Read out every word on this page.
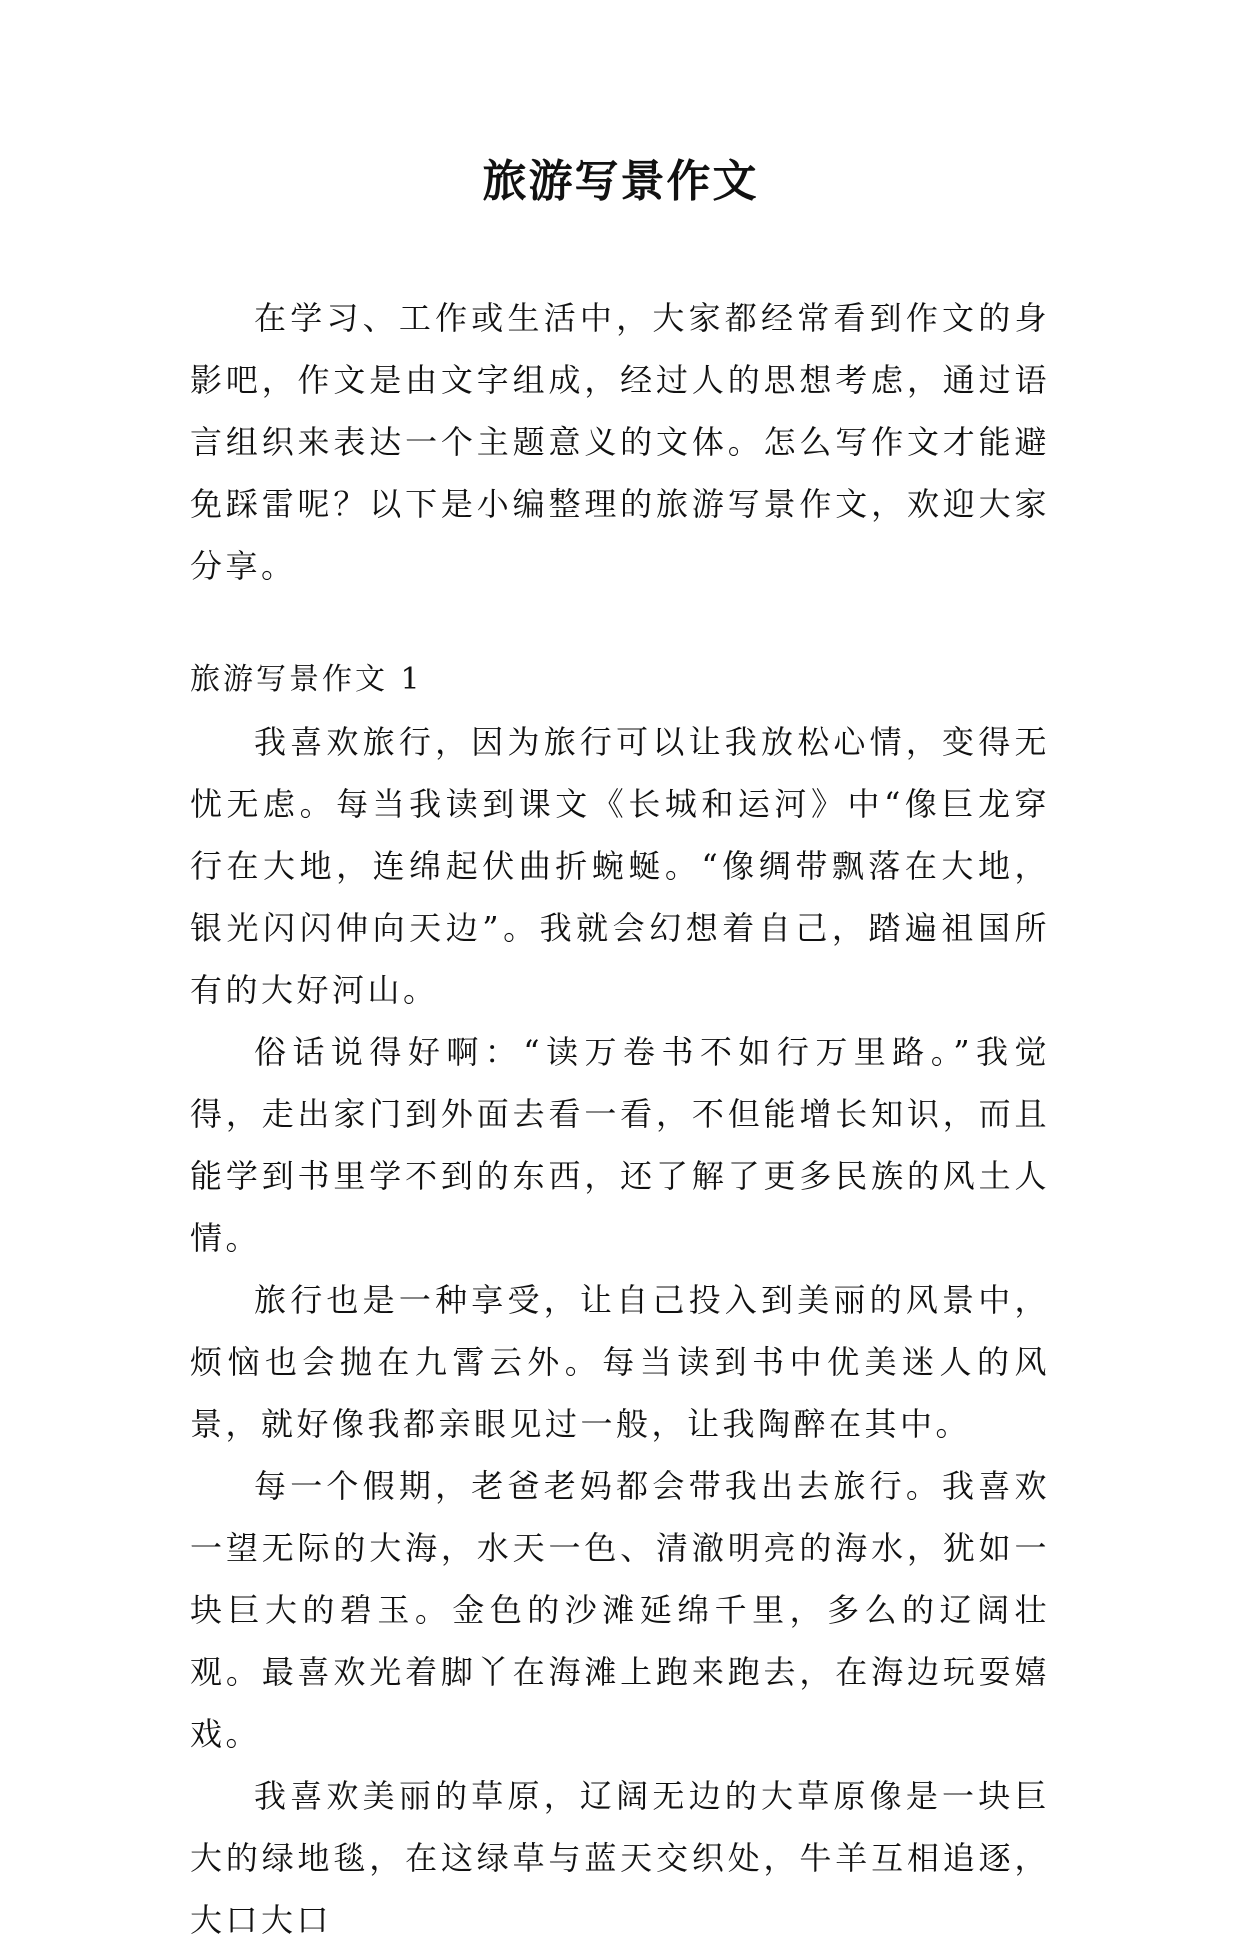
旅游写景作文

在学习、工作或生活中，大家都经常看到作文的身影吧，作文是由文字组成，经过人的思想考虑，通过语言组织来表达一个主题意义的文体。怎么写作文才能避免踩雷呢？以下是小编整理的旅游写景作文，欢迎大家分享。

旅游写景作文 1

我喜欢旅行，因为旅行可以让我放松心情，变得无忧无虑。每当我读到课文《长城和运河》中“像巨龙穿行在大地，连绵起伏曲折蜿蜒。“像绸带飘落在大地，银光闪闪伸向天边”。我就会幻想着自己，踏遍祖国所有的大好河山。

俗话说得好啊：“读万卷书不如行万里路。”我觉得，走出家门到外面去看一看，不但能增长知识，而且能学到书里学不到的东西，还了解了更多民族的风土人情。

旅行也是一种享受，让自己投入到美丽的风景中，烦恼也会抛在九霄云外。每当读到书中优美迷人的风景，就好像我都亲眼见过一般，让我陶醉在其中。

每一个假期，老爸老妈都会带我出去旅行。我喜欢一望无际的大海，水天一色、清澈明亮的海水，犹如一块巨大的碧玉。金色的沙滩延绵千里，多么的辽阔壮观。最喜欢光着脚丫在海滩上跑来跑去，在海边玩耍嬉戏。

我喜欢美丽的草原，辽阔无边的大草原像是一块巨大的绿地毯，在这绿草与蓝天交织处，牛羊互相追逐，大口大口
